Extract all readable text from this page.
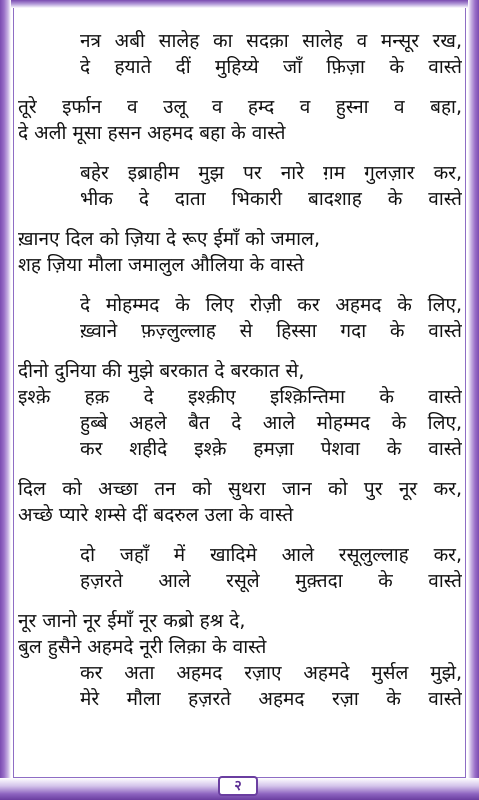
नत्र अबी सालेह का सदक़ा सालेह व मन्सूर रख,
दे हयाते दीं मुहिय्ये जाँ फ़िज़ा के वास्ते
तूरे इर्फान व उलू व हम्द व हुस्ना व बहा,
दे अली मूसा हसन अहमद बहा के वास्ते
बहेर इब्राहीम मुझ पर नारे ग़म गुलज़ार कर,
भीक दे दाता भिकारी बादशाह के वास्ते
ख़ानए दिल को ज़िया दे रूए ईमाँ को जमाल,
शह ज़िया मौला जमालुल औलिया के वास्ते
दे मोहम्मद के लिए रोज़ी कर अहमद के लिए,
ख़्वाने फ़ज़्लुल्लाह से हिस्सा गदा के वास्ते
दीनो दुनिया की मुझे बरकात दे बरकात से,
इश्क़े हक़ दे इश्क़ीए इश्क़िन्तिमा के वास्ते
हुब्बे अहले बैत दे आले मोहम्मद के लिए,
कर शहीदे इश्क़े हमज़ा पेशवा के वास्ते
दिल को अच्छा तन को सुथरा जान को पुर नूर कर,
अच्छे प्यारे शम्से दीं बदरुल उला के वास्ते
दो जहाँ में खादिमे आले रसूलुल्लाह कर,
हज़रते आले रसूले मुक़्तदा के वास्ते
नूर जानो नूर ईमाँ नूर कब्रो हश्र दे,
बुल हुसैने अहमदे नूरी लिक़ा के वास्ते
कर अता अहमद रज़ाए अहमदे मुर्सल मुझे,
मेरे मौला हज़रते अहमद रज़ा के वास्ते
२
